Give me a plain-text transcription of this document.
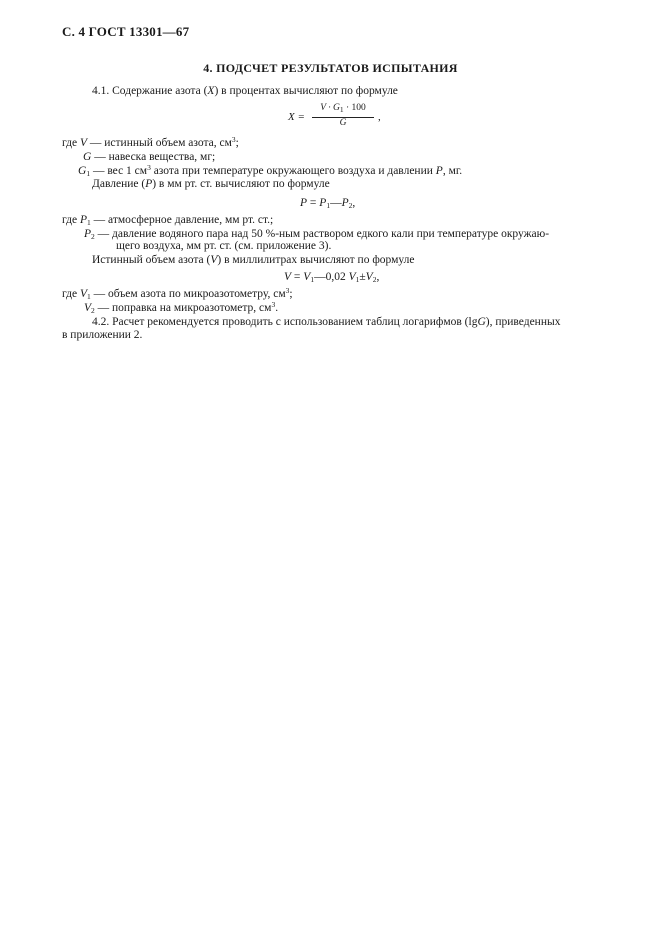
С. 4 ГОСТ 13301—67
4. ПОДСЧЕТ РЕЗУЛЬТАТОВ ИСПЫТАНИЯ
4.1. Содержание азота (X) в процентах вычисляют по формуле
X =
$V \cdot G_1 \cdot 100$
G	,
где V — истинный объем азота, $см^3$;
G — навеска вещества, мг;
$G_1$ — вес 1 $см^3$ азота при температуре окружающего воздуха и давлении P, мг.
Давление (P) в мм рт. ст. вычисляют по формуле
$P = P_1—P_2$,
где $P_1$ — атмосферное давление, мм рт. ст.;
$P_2$ — давление водяного пара над 50 %-ным раствором едкого кали при температуре окружаю-
щего воздуха, мм рт. ст. (см. приложение 3).
Истинный объем азота (V) в миллилитрах вычисляют по формуле
$V = V_1—0,02$ $V_1\pm V_2$,
где $V_1$ — объем азота по микроазотометру, $см^3$;
$V_2$ — поправка на микроазотометр, $см^3$.
4.2. Расчет рекомендуется проводить с использованием таблиц логарифмов (lgG), приведенных
в приложении 2.
